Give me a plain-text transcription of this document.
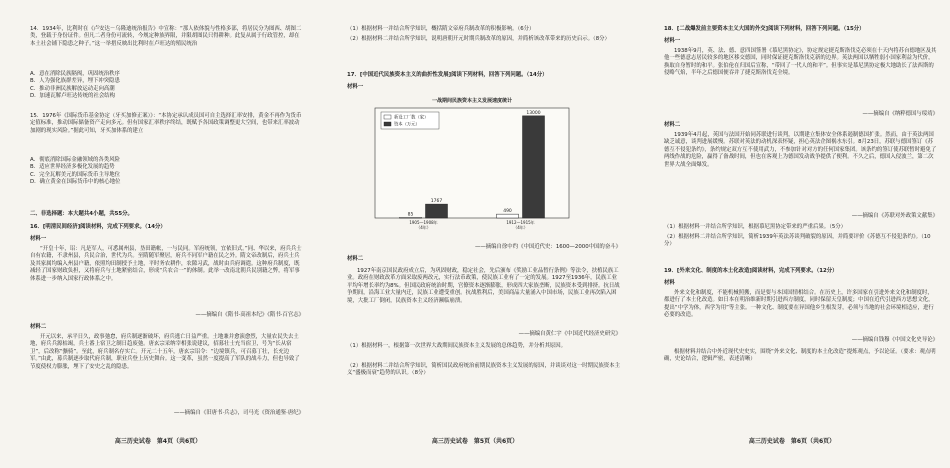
14．1934年，比利时在《卢安达－乌隆迪统治报告》中宣称：“那人依体貌与性格多部，将居民分为图西、胡图二类，登载于身份证件。但凡二者身份可流转，今规定种族界限，并限胡图民只得耕种。此复从属于行政管控，却在本土社会铺下隐患之种子。”这一举措反映出比利时在卢旺达的殖民统治

A．意在消除民族隔阂，巩固统治秩序

B．人为强化族群差异，埋下冲突隐患

C．推动非洲民族解放运动走向高潮

D．加速瓦解卢旺达传统的社会结构

15．1976年《国际货币基金协定（牙买加修正案）》：“本协定承认成员国可自主选择汇率安排，黄金不再作为货币定值标准，推动国际储备资产走向多元。但有国家汇率秩序终结，既赋予各国政策调整更大空间，也带来汇率波动加剧的现实风险。”据此可知，牙买加体系的建立

A．彻底消除国际金融领域的各类风险

B．适应世界经济多极化发展的趋势

C．完全瓦解美元的国际货币主导地位

D．确立黄金在国际货币中的核心地位

二、非选择题：本大题共4小题，共55分。

16．[明清民间经济]阅读材料，完成下列要求。（14分）

材料一

“开皇十年，诏：凡是军人，可悉属州县，垦田籍帐，一与民同。军府统领，宜依旧式。”同、华以来，府兵兵士自有农籍，不隶州县，兵民合治，世代为兵。至隋随军聚居，府兵不同军户籍在民之外。隋文帝改制后，府兵士兵及其家属均编入州县户籍，依照均田制授予土地，平时务农耕作，农隙习武，战时由兵府调遣。这种府兵制度，既减轻了国家财政负担，又将府兵与土地紧密结合，形成“兵农合一”的体制。此举一改南北朝兵民别籍之弊，将军事体系进一步纳入国家行政体系之中。

——摘编自《隋书·高祖本纪》《隋书·百官志》

材料二

开元以来，承平日久，政事弛怠，府兵制逐渐破坏，府兵逃亡日益严重。土地兼并愈演愈烈，大量农民失去土地，府兵兵源枯竭，兵士番上宿卫之制日趋废弛。唐玄宗采纳宰相张说建议，招募壮士充当宿卫，号为“长从宿卫”，后改称“彍骑”。至此，府兵制名存实亡。开元二十五年，唐玄宗诏令：“边境镇兵，可召募丁壮，长充边军。”由此，募兵制逐步取代府兵制，职业兵登上历史舞台。这一变革，虽然一度提高了军队的战斗力，但也导致了节度使权力膨胀，埋下了安史之乱的隐患。

——摘编自《旧唐书·兵志》，司马光《资治通鉴·唐纪》

高三历史试卷　第4页（共6页）

（1）根据材料一并结合所学知识，概括隋文帝府兵制改革的积极影响。（6分）

（2）根据材料二并结合所学知识，说明唐朝开元时期兵制改革的原因，并简析该改革带来的历史启示。（8分）

17．[中国近代民族资本主义的曲折性发展]阅读下列材料，回答下列问题。（14分）

材料一

一战期间民族资本主义发展速度统计
85
1767
1905—1908年
（4年）
490
13000
1912—1915年
（4年）
新设工厂数（家）
资本（万元）

——摘编自徐中约《中国近代史：1600—2000中国的奋斗》

材料二

1927年南京国民政府成立后，为巩固财政，稳定社会，先后颁布《奖励工业品暂行条例》等法令，扶植民族工业。政府在财政改革方面采取废两改元，实行法币政策，使民族工业有了一定的发展。1927至1936年，民族工业平均年增长率约为8%。但国民政府统治时期，官僚资本逐渐膨胀，形成四大家族垄断，民族资本受到排挤。抗日战争期间，沿海工业大量内迁，民族工业遭受重创。抗战胜利后，美国商品大量涌入中国市场，民族工业再次陷入困境，大批工厂倒闭，民族资本主义经济濒临崩溃。

——摘编自黄仁宇《中国近代经济史研究》

（1）根据材料一，根据第一次世界大战期间民族资本主义发展的总体趋势，并分析其原因。

（2）根据材料二并结合所学知识，简析国民政府统治前期民族资本主义发展的原因，并谈谈对这一时期民族资本主义“盛极而衰”趋势的认识。（8分）

高三历史试卷　第5页（共6页）

18．[二战爆发前主要资本主义大国的外交]阅读下列材料，回答下列问题。（15分）

材料一

1938年9月，英、法、德、意四国签署《慕尼黑协定》，协定规定捷克斯洛伐克必须在十天内将苏台德地区及其他一些德意志居民较多的地区移交德国，同时保证捷克斯洛伐克新的边界。英法两国以牺牲弱小国家利益为代价，换取自身暂时的和平。张伯伦在归国后宣称，“带回了一代人的和平”。但事实是慕尼黑协定极大地助长了法西斯的侵略气焰，半年之后德国便吞并了捷克斯洛伐克全境。

——摘编自《纳粹德国与绥靖》

材料二

1939年4月起，英国与法国开始同苏联进行谈判，以期建立集体安全体系遏制德国扩张。然而，由于英法两国缺乏诚意，谈判进展缓慢。苏联对英法的动机深表怀疑，担心英法企图祸水东引。8月23日，苏联与德国签订《苏德互不侵犯条约》，条约规定双方互不使用武力，不参加针对对方的任何国家集团。该条约的签订使苏联暂时避免了两线作战的危险，赢得了备战时间，但也在客观上为德国发动战争提供了便利。不久之后，德国入侵波兰，第二次世界大战全面爆发。

——摘编自《苏联对外政策文献集》

（1）根据材料一并结合所学知识，根据慕尼黑协定带来的严重后果。（5分）

（2）根据材料二并结合所学知识，简析1939年英法苏谈判破裂的原因，并简要评价《苏德互不侵犯条约》。（10分）

19．[外来文化、制度的本土化改造]阅读材料，完成下列要求。（12分）

材料

外来文化和制度，不能机械照搬，而是要与本国国情相结合。在历史上，许多国家在引进外来文化和制度时，都进行了本土化改造。如日本在明治维新时期引进西方制度，同时保留天皇制度；中国在近代引进西方思想文化，提出“中学为体，西学为用”等主张。一种文化、制度要在异国他乡生根发芽，必须与当地的社会环境相适应，进行必要的改造。

——摘编自钱穆《中国文化史导论》

根据材料并结合中外近现代史史实，围绕“外来文化、制度的本土化改造”提炼观点，予以论证。（要求：观点明确，史论结合，逻辑严密，表述清晰）

高三历史试卷　第6页（共6页）
